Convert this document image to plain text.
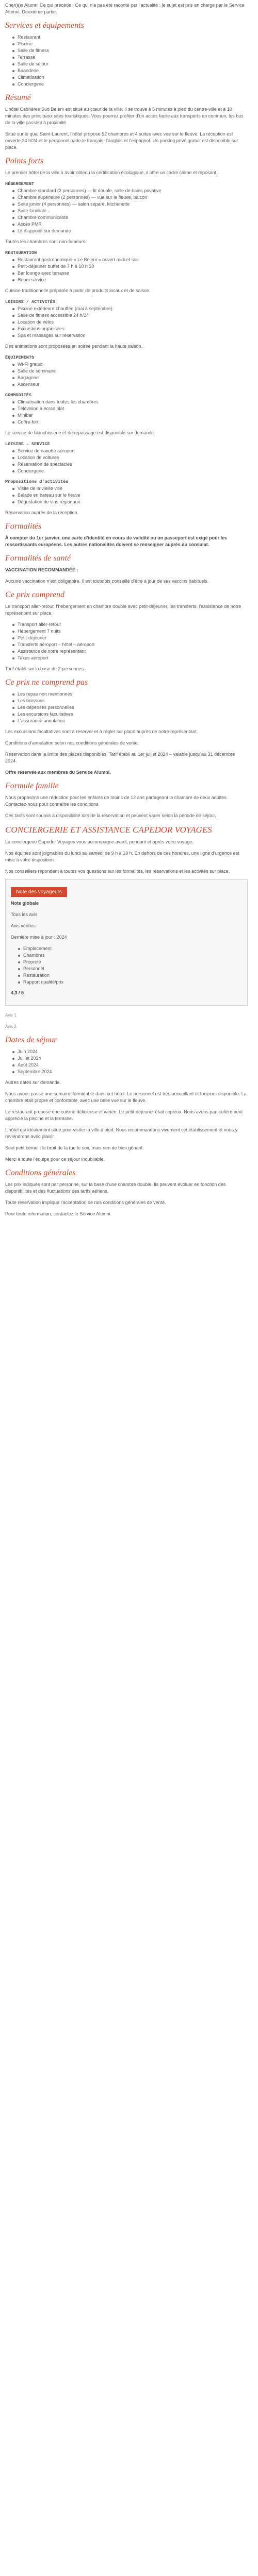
Cher(e)s Alumni Ce qui précède : Ce qui n’a pas été raconté par l’actualité : le sujet est pris en charge par le Service Alumni. Deuxième partie.

Services et équipements
Restaurant
Piscine
Salle de fitness
Terrasse
Salle de séjour
Buanderie
Climatisation
Conciergerie
Résumé

L’hôtel Cabrières Sud Belem est situé au cœur de la ville. Il se trouve à 5 minutes à pied du centre-ville et à 10 minutes des principaux sites touristiques. Vous pourrez profiter d’un accès facile aux transports en commun, les bus de la ville passent à proximité.

Situé sur le quai Saint-Laurent, l’hôtel propose 52 chambres et 4 suites avec vue sur le fleuve. La réception est ouverte 24 h/24 et le personnel parle le français, l’anglais et l’espagnol. Un parking privé gratuit est disponible sur place.

Points forts

Le premier hôtel de la ville à avoir obtenu la certification écologique, il offre un cadre calme et reposant.

HÉBERGEMENT
Chambre standard (2 personnes) — lit double, salle de bains privative
Chambre supérieure (2 personnes) — vue sur le fleuve, balcon
Suite junior (4 personnes) — salon séparé, kitchenette
Suite familiale
Chambre communicante
Accès PMR
Lit d’appoint sur demande

Toutes les chambres sont non-fumeurs.

RESTAURATION
Restaurant gastronomique « Le Belem » ouvert midi et soir
Petit-déjeuner buffet de 7 h à 10 h 30
Bar lounge avec terrasse
Room service

Cuisine traditionnelle préparée à partir de produits locaux et de saison.

LOISIRS / ACTIVITÉS
Piscine extérieure chauffée (mai à septembre)
Salle de fitness accessible 24 h/24
Location de vélos
Excursions organisées
Spa et massages sur réservation

Des animations sont proposées en soirée pendant la haute saison.

ÉQUIPEMENTS
Wi-Fi gratuit
Salle de séminaire
Bagagerie
Ascenseur
COMMODITÉS
Climatisation dans toutes les chambres
Télévision à écran plat
Minibar
Coffre-fort

Le service de blanchisserie et de repassage est disponible sur demande.

LOISIRS – SERVICE
Service de navette aéroport
Location de voitures
Réservation de spectacles
Conciergerie
Propositions d’activités
Visite de la vieille ville
Balade en bateau sur le fleuve
Dégustation de vins régionaux

Réservation auprès de la réception.

Formalités

À compter du 1er janvier, une carte d’identité en cours de validité ou un passeport est exigé pour les ressortissants européens. Les autres nationalités doivent se renseigner auprès du consulat.

Formalités de santé

VACCINATION RECOMMANDÉE :

Aucune vaccination n’est obligatoire. Il est toutefois conseillé d’être à jour de ses vaccins habituels.

Ce prix comprend

Le transport aller-retour, l’hébergement en chambre double avec petit-déjeuner, les transferts, l’assistance de notre représentant sur place.

Transport aller-retour
Hébergement 7 nuits
Petit-déjeuner
Transferts aéroport – hôtel – aéroport
Assistance de notre représentant
Taxes aéroport

Tarif établi sur la base de 2 personnes.

Ce prix ne comprend pas
Les repas non mentionnés
Les boissons
Les dépenses personnelles
Les excursions facultatives
L’assurance annulation

Les excursions facultatives sont à réserver et à régler sur place auprès de notre représentant.

Conditions d’annulation selon nos conditions générales de vente.

Réservation dans la limite des places disponibles. Tarif établi au 1er juillet 2024 – valable jusqu’au 31 décembre 2024.

Offre réservée aux membres du Service Alumni.

Formule famille

Nous proposons une réduction pour les enfants de moins de 12 ans partageant la chambre de deux adultes. Contactez-nous pour connaître les conditions.

Ces tarifs sont soumis à disponibilité lors de la réservation et peuvent varier selon la période de séjour.

CONCIERGERIE ET ASSISTANCE CAPEDOR VOYAGES

La conciergerie Capedor Voyages vous accompagne avant, pendant et après votre voyage.

Nos équipes sont joignables du lundi au samedi de 9 h à 19 h. En dehors de ces horaires, une ligne d’urgence est mise à votre disposition.

Nos conseillers répondent à toutes vos questions sur les formalités, les réservations et les activités sur place.

Note des voyageurs

Note globale

Tous les avis

Avis vérifiés

Dernière mise à jour : 2024

Emplacement
Chambres
Propreté
Personnel
Restauration
Rapport qualité/prix

4,3 / 5

Avis 1

Avis 2

Dates de séjour
Juin 2024
Juillet 2024
Août 2024
Septembre 2024

Autres dates sur demande.

Nous avons passé une semaine formidable dans cet hôtel. Le personnel est très accueillant et toujours disponible. La chambre était propre et confortable, avec une belle vue sur le fleuve.

Le restaurant propose une cuisine délicieuse et variée. Le petit-déjeuner était copieux. Nous avons particulièrement apprécié la piscine et la terrasse.

L’hôtel est idéalement situé pour visiter la ville à pied. Nous recommandons vivement cet établissement et nous y reviendrons avec plaisir.

Seul petit bémol : le bruit de la rue le soir, mais rien de bien gênant.

Merci à toute l’équipe pour ce séjour inoubliable.

Conditions générales

Les prix indiqués sont par personne, sur la base d’une chambre double. Ils peuvent évoluer en fonction des disponibilités et des fluctuations des tarifs aériens.

Toute réservation implique l’acceptation de nos conditions générales de vente.

Pour toute information, contactez le Service Alumni.
